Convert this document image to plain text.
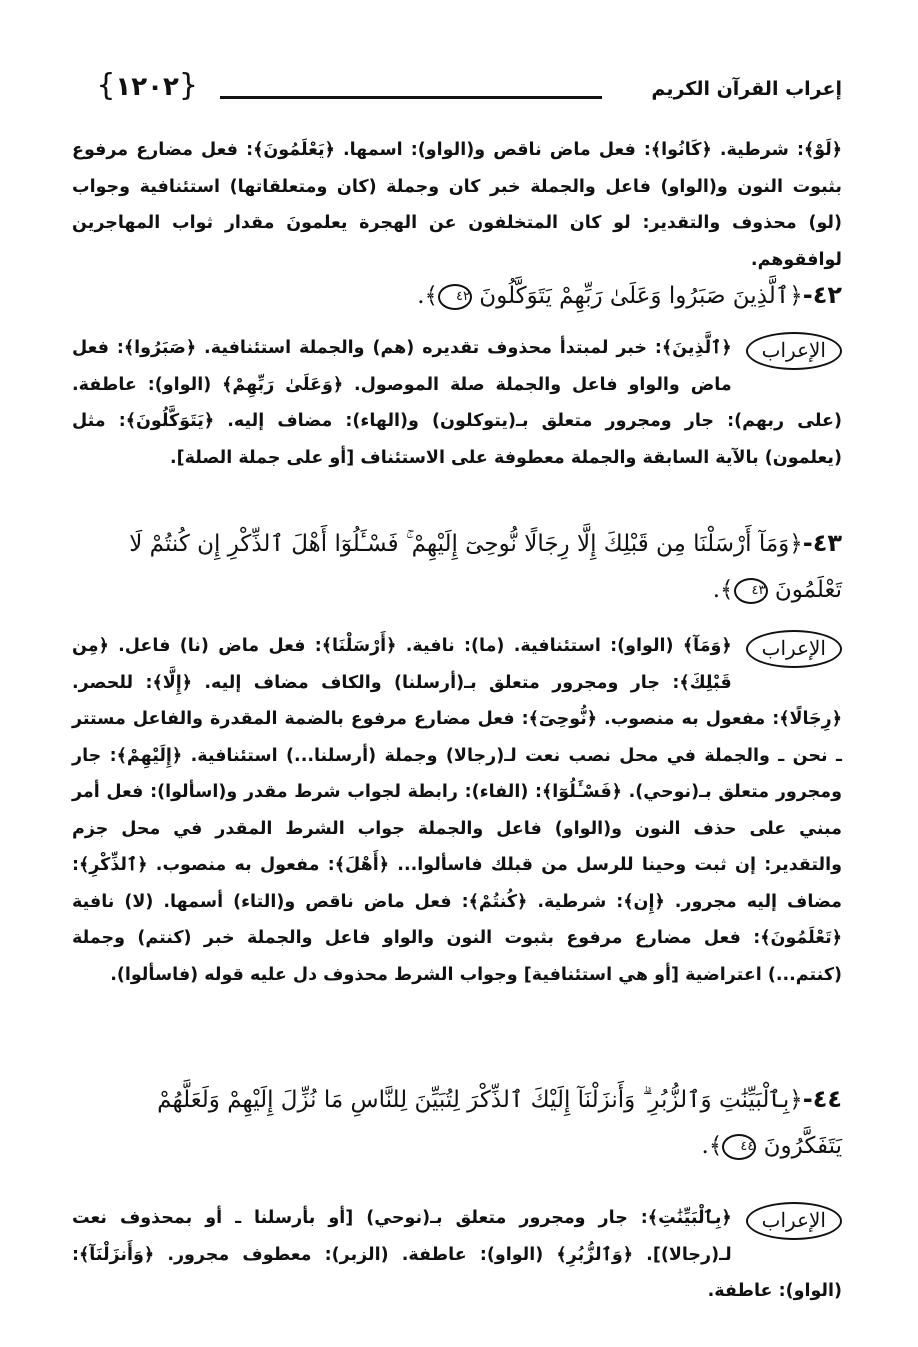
إعراب القرآن الكريم
{١٢٠٢}
﴿لَوْ﴾: شرطية. ﴿كَانُوا﴾: فعل ماض ناقص و(الواو): اسمها. ﴿يَعْلَمُونَ﴾: فعل مضارع مرفوع بثبوت النون و(الواو) فاعل والجملة خبر كان وجملة (كان ومتعلقاتها) استئنافية وجواب (لو) محذوف والتقدير: لو كان المتخلفون عن الهجرة يعلمونَ مقدار ثواب المهاجرين لوافقوهم.
٤٢-﴿ٱلَّذِينَ صَبَرُوا وَعَلَىٰ رَبِّهِمْ يَتَوَكَّلُونَ ٤٢﴾.
الإعراب
﴿ٱلَّذِينَ﴾: خبر لمبتدأ محذوف تقديره (هم) والجملة استئنافية. ﴿صَبَرُوا﴾: فعل ماض والواو فاعل والجملة صلة الموصول. ﴿وَعَلَىٰ رَبِّهِمْ﴾ (الواو): عاطفة. (على ربهم): جار ومجرور متعلق بـ(يتوكلون) و(الهاء): مضاف إليه. ﴿يَتَوَكَّلُونَ﴾: مثل (يعلمون) بالآية السابقة والجملة معطوفة على الاستئناف [أو على جملة الصلة].
٤٣-﴿وَمَآ أَرْسَلْنَا مِن قَبْلِكَ إِلَّا رِجَالًا نُّوحِىٓ إِلَيْهِمْ ۚ فَسْـَٔلُوٓا أَهْلَ ٱلذِّكْرِ إِن كُنتُمْ لَا تَعْلَمُونَ ٤٣﴾.
الإعراب
﴿وَمَآ﴾ (الواو): استئنافية. (ما): نافية. ﴿أَرْسَلْنَا﴾: فعل ماض (نا) فاعل. ﴿مِن قَبْلِكَ﴾: جار ومجرور متعلق بـ(أرسلنا) والكاف مضاف إليه. ﴿إِلَّا﴾: للحصر. ﴿رِجَالًا﴾: مفعول به منصوب. ﴿نُّوحِىٓ﴾: فعل مضارع مرفوع بالضمة المقدرة والفاعل مستتر ـ نحن ـ والجملة في محل نصب نعت لـ(رجالا) وجملة (أرسلنا...) استئنافية. ﴿إِلَيْهِمْ﴾: جار ومجرور متعلق بـ(نوحي). ﴿فَسْـَٔلُوٓا﴾: (الفاء): رابطة لجواب شرط مقدر و(اسألوا): فعل أمر مبني على حذف النون و(الواو) فاعل والجملة جواب الشرط المقدر في محل جزم والتقدير: إن ثبت وحينا للرسل من قبلك فاسألوا... ﴿أَهْلَ﴾: مفعول به منصوب. ﴿ٱلذِّكْرِ﴾: مضاف إليه مجرور. ﴿إِن﴾: شرطية. ﴿كُنتُمْ﴾: فعل ماض ناقص و(التاء) أسمها. (لا) نافية ﴿تَعْلَمُونَ﴾: فعل مضارع مرفوع بثبوت النون والواو فاعل والجملة خبر (كنتم) وجملة (كنتم...) اعتراضية [أو هي استئنافية] وجواب الشرط محذوف دل عليه قوله (فاسألوا).
٤٤-﴿بِٱلْبَيِّنَٰتِ وَٱلزُّبُرِ ۗ وَأَنزَلْنَآ إِلَيْكَ ٱلذِّكْرَ لِتُبَيِّنَ لِلنَّاسِ مَا نُزِّلَ إِلَيْهِمْ وَلَعَلَّهُمْ يَتَفَكَّرُونَ ٤٤﴾.
الإعراب
﴿بِٱلْبَيِّنَٰتِ﴾: جار ومجرور متعلق بـ(نوحي) [أو بأرسلنا ـ أو بمحذوف نعت لـ(رجالا)]. ﴿وَٱلزُّبُرِ﴾ (الواو): عاطفة. (الزبر): معطوف مجرور. ﴿وَأَنزَلْنَآ﴾: (الواو): عاطفة.
